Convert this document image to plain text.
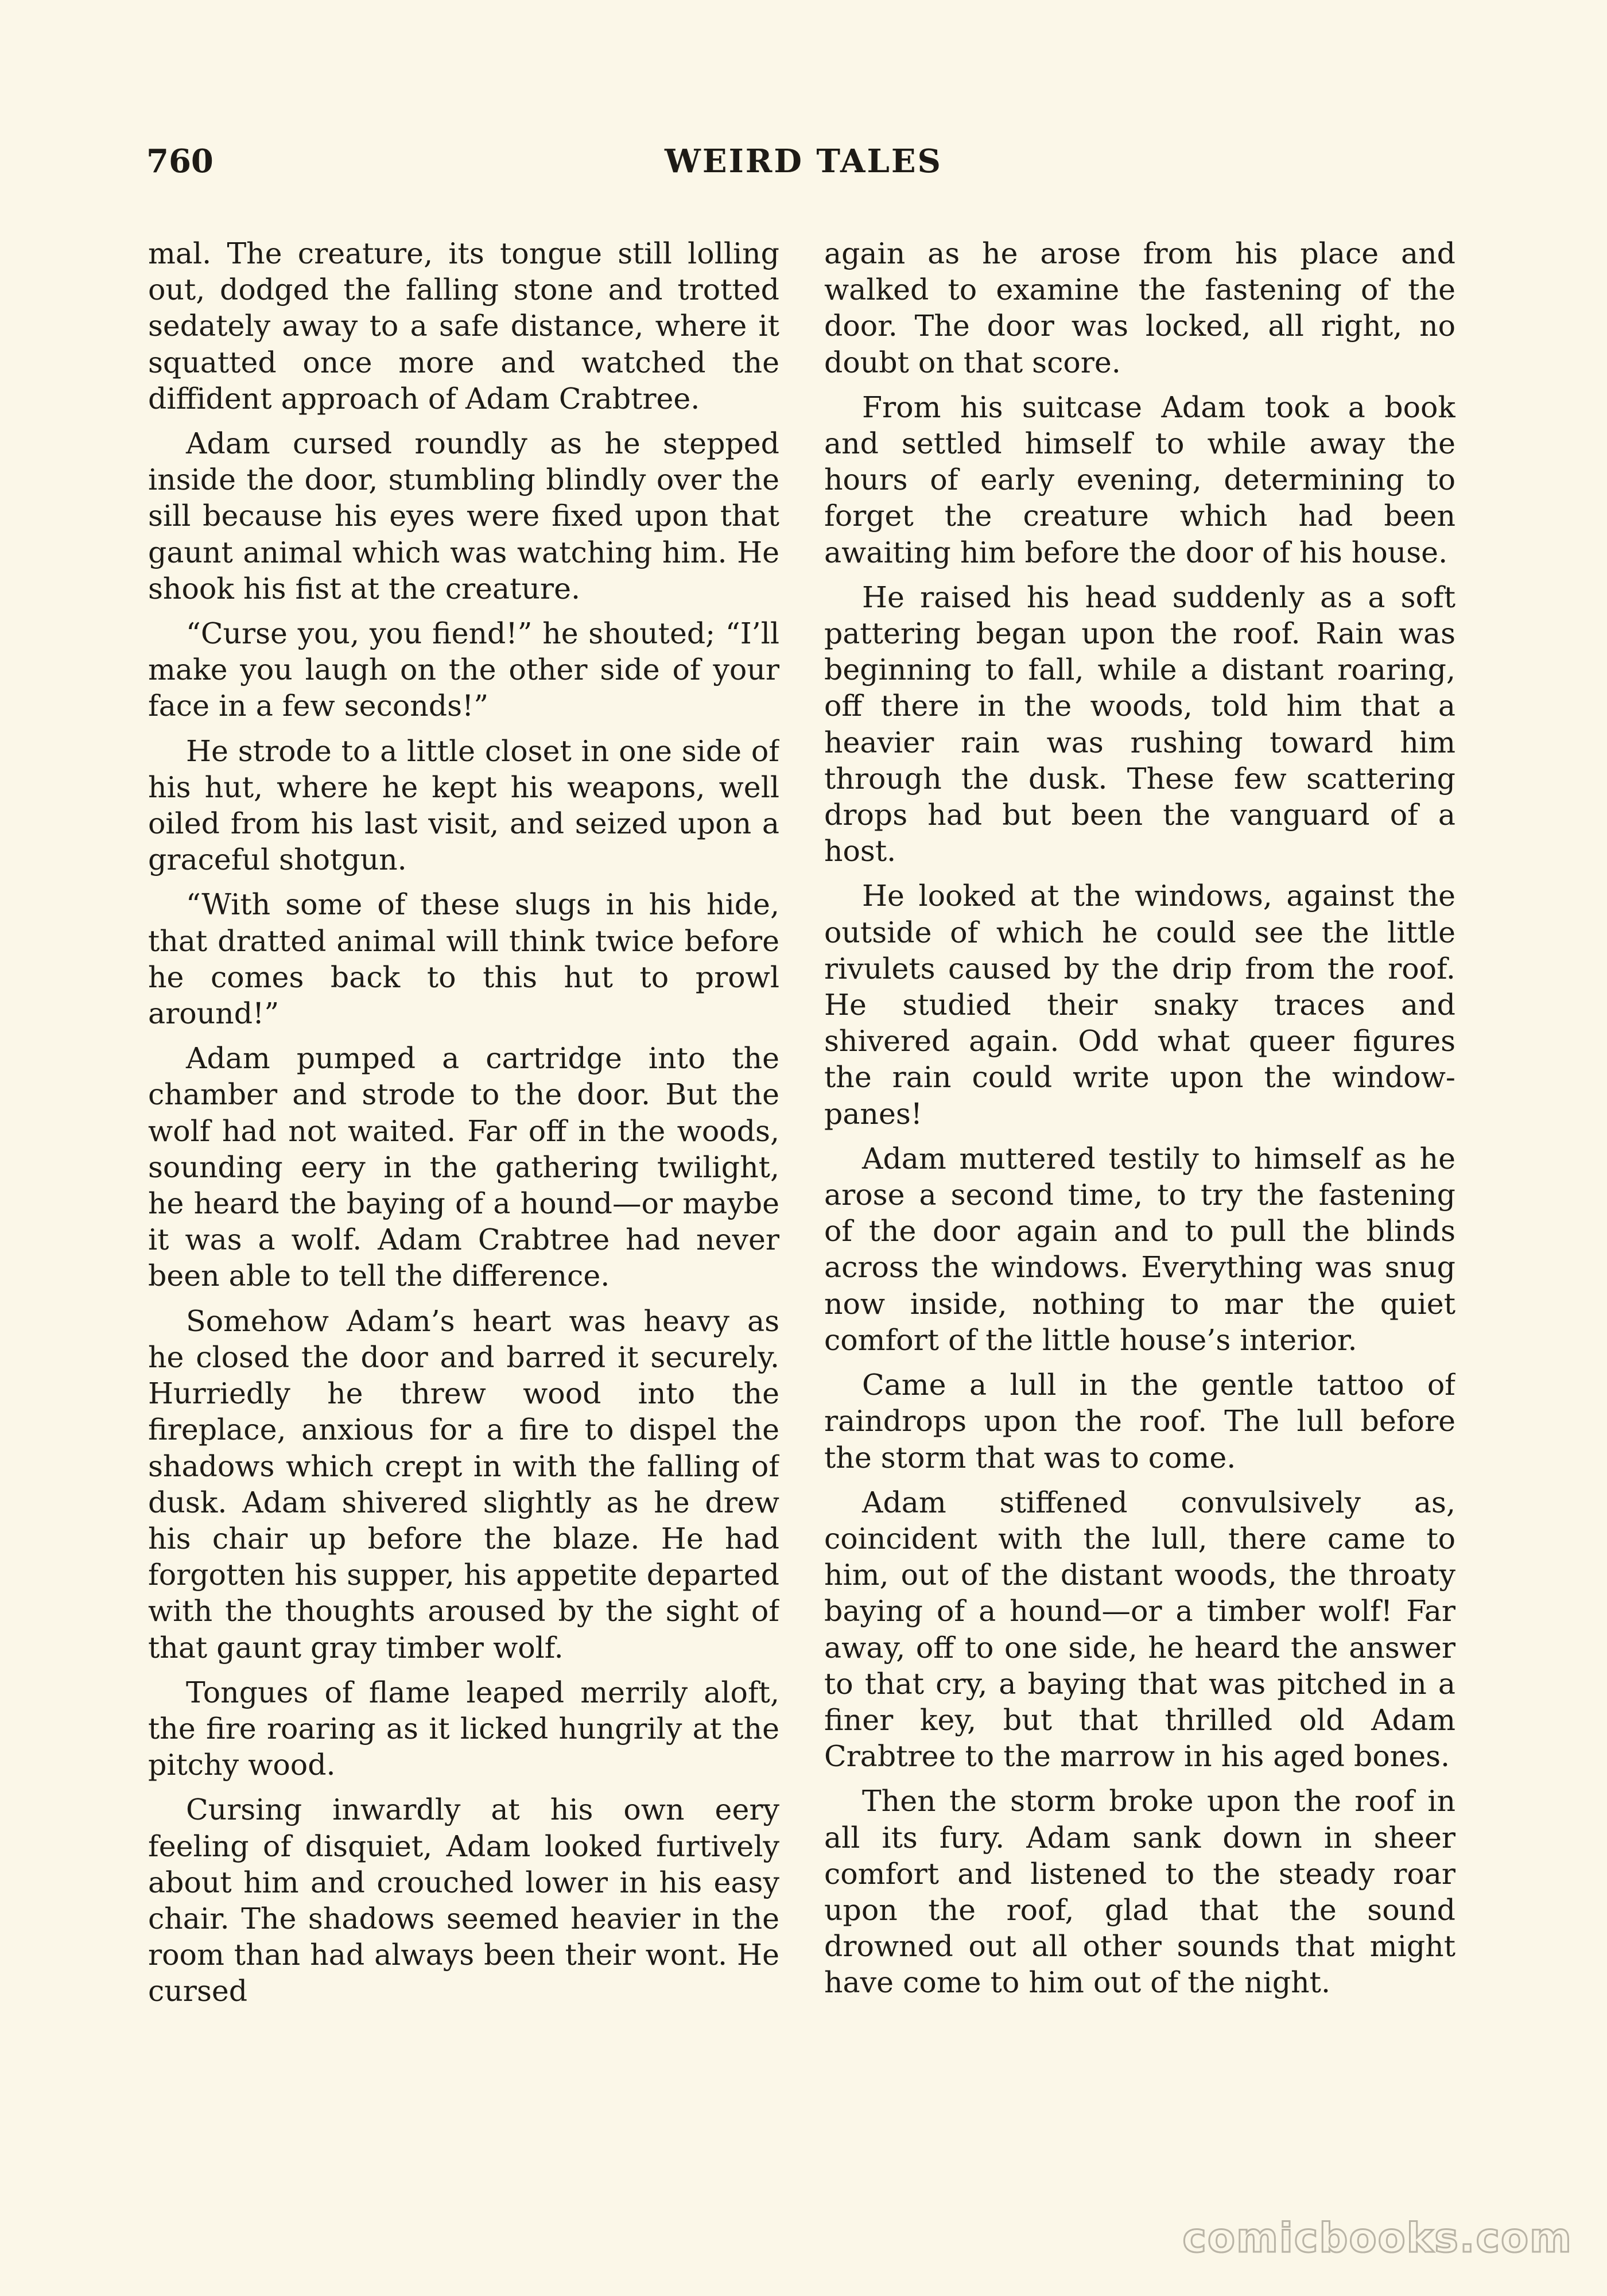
760	WEIRD TALES

mal. The creature, its tongue still lolling out, dodged the falling stone and trotted sedately away to a safe distance, where it squatted once more and watched the diffident approach of Adam Crabtree.

Adam cursed roundly as he stepped inside the door, stumbling blindly over the sill because his eyes were fixed upon that gaunt animal which was watching him. He shook his fist at the creature.

“Curse you, you fiend!” he shouted; “I’ll make you laugh on the other side of your face in a few seconds!”

He strode to a little closet in one side of his hut, where he kept his weapons, well oiled from his last visit, and seized upon a graceful shotgun.

“With some of these slugs in his hide, that dratted animal will think twice before he comes back to this hut to prowl around!”

Adam pumped a cartridge into the chamber and strode to the door. But the wolf had not waited. Far off in the woods, sounding eery in the gathering twilight, he heard the baying of a hound—or maybe it was a wolf. Adam Crabtree had never been able to tell the difference.

Somehow Adam’s heart was heavy as he closed the door and barred it securely. Hurriedly he threw wood into the fireplace, anxious for a fire to dispel the shadows which crept in with the falling of dusk. Adam shivered slightly as he drew his chair up before the blaze. He had forgotten his supper, his appetite departed with the thoughts aroused by the sight of that gaunt gray timber wolf.

Tongues of flame leaped merrily aloft, the fire roaring as it licked hungrily at the pitchy wood.

Cursing inwardly at his own eery feeling of disquiet, Adam looked furtively about him and crouched lower in his easy chair. The shadows seemed heavier in the room than had always been their wont. He cursed

again as he arose from his place and walked to examine the fastening of the door. The door was locked, all right, no doubt on that score.

From his suitcase Adam took a book and settled himself to while away the hours of early evening, determining to forget the creature which had been awaiting him before the door of his house.

He raised his head suddenly as a soft pattering began upon the roof. Rain was beginning to fall, while a distant roaring, off there in the woods, told him that a heavier rain was rushing toward him through the dusk. These few scattering drops had but been the vanguard of a host.

He looked at the windows, against the outside of which he could see the little rivulets caused by the drip from the roof. He studied their snaky traces and shivered again. Odd what queer figures the rain could write upon the window-panes!

Adam muttered testily to himself as he arose a second time, to try the fastening of the door again and to pull the blinds across the windows. Everything was snug now inside, nothing to mar the quiet comfort of the little house’s interior.

Came a lull in the gentle tattoo of raindrops upon the roof. The lull before the storm that was to come.

Adam stiffened convulsively as, coincident with the lull, there came to him, out of the distant woods, the throaty baying of a hound—or a timber wolf! Far away, off to one side, he heard the answer to that cry, a baying that was pitched in a finer key, but that thrilled old Adam Crabtree to the marrow in his aged bones.

Then the storm broke upon the roof in all its fury. Adam sank down in sheer comfort and listened to the steady roar upon the roof, glad that the sound drowned out all other sounds that might have come to him out of the night.

comicbooks.com
